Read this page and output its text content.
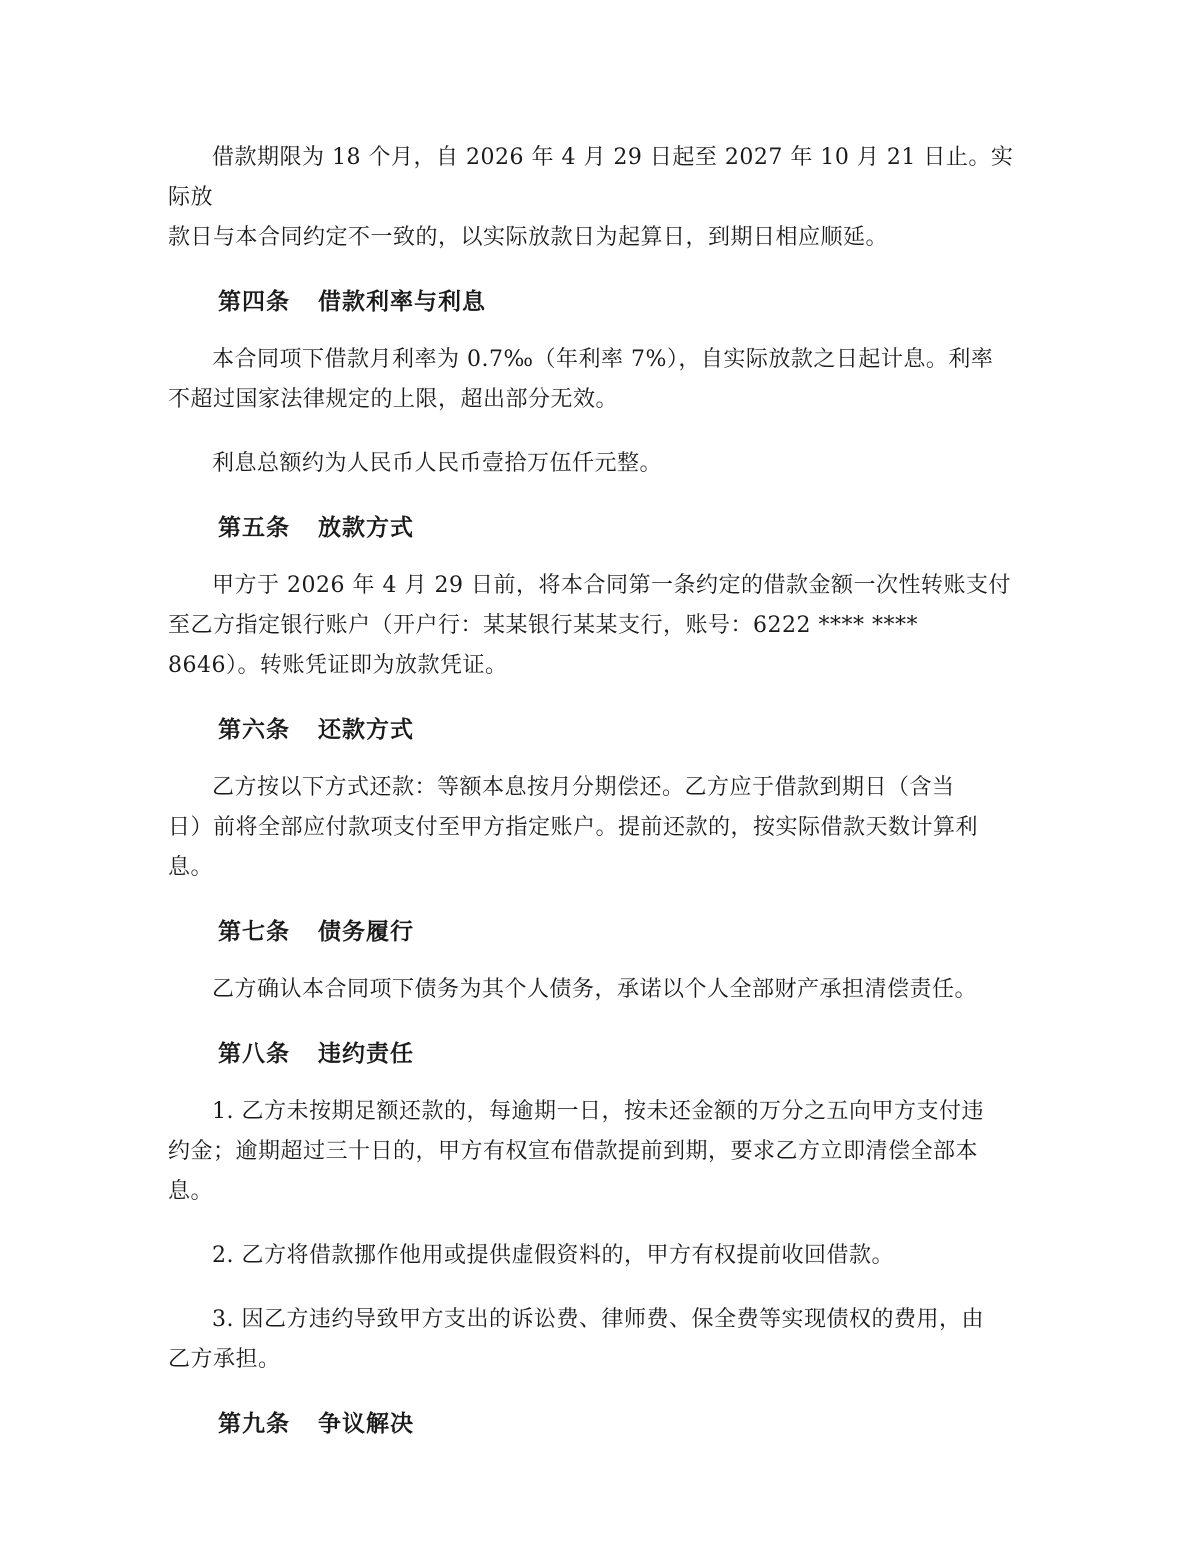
借款期限为 18 个月，自 2026 年 4 月 29 日起至 2027 年 10 月 21 日止。实际放
款日与本合同约定不一致的，以实际放款日为起算日，到期日相应顺延。

第四条 借款利率与利息

本合同项下借款月利率为 0.7‰（年利率 7%），自实际放款之日起计息。利率
不超过国家法律规定的上限，超出部分无效。

利息总额约为人民币人民币壹拾万伍仟元整。

第五条 放款方式

甲方于 2026 年 4 月 29 日前，将本合同第一条约定的借款金额一次性转账支付
至乙方指定银行账户（开户行：某某银行某某支行，账号：6222 **** ****
8646）。转账凭证即为放款凭证。

第六条 还款方式

乙方按以下方式还款：等额本息按月分期偿还。乙方应于借款到期日（含当
日）前将全部应付款项支付至甲方指定账户。提前还款的，按实际借款天数计算利
息。

第七条 债务履行

乙方确认本合同项下债务为其个人债务，承诺以个人全部财产承担清偿责任。

第八条 违约责任

1. 乙方未按期足额还款的，每逾期一日，按未还金额的万分之五向甲方支付违
约金；逾期超过三十日的，甲方有权宣布借款提前到期，要求乙方立即清偿全部本
息。

2. 乙方将借款挪作他用或提供虚假资料的，甲方有权提前收回借款。

3. 因乙方违约导致甲方支出的诉讼费、律师费、保全费等实现债权的费用，由
乙方承担。

第九条 争议解决
